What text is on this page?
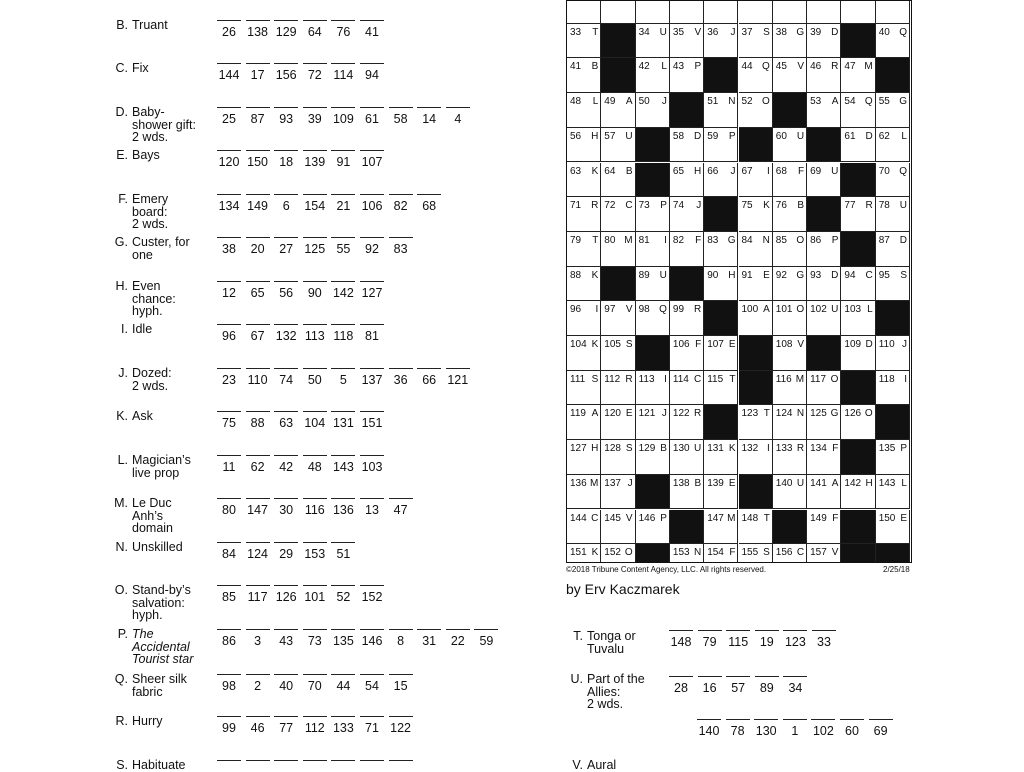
B. Truant	26 138 129 64	76	41
C. Fix	144 17 156 72 114 94
D. Baby-
shower gift:
2 wds.
25	87	93	39 109 61	58	14	4
E. Bays	120 150 18 139 91 107
F. Emery
board:
2 wds.
134 149	6	154 21 106 82	68
G. Custer, for
one	38	20	27 125 55	92	83
H. Even
chance:
hyph.
12	65	56	90 142 127
I. Idle	96	67 132 113 118 81
J. Dozed:
2 wds.	23 110 74	50	5	137 36	66 121
K. Ask	75	88	63 104 131 151
L. Magician’s
live prop	11	62	42	48 143 103
M. Le Duc
Anh’s
domain
80 147 30 116 136 13	47
N. Unskilled	84 124 29 153 51
O. Stand-by’s
salvation:
hyph.
85 117 126 101 52 152
P. The
Accidental
Tourist star
86	3	43	73 135 146	8	31	22	59
Q. Sheer silk
fabric	98	2	40	70	44	54	15
R. Hurry	99	46	77 112 133 71 122
S. Habituate
T. Tonga or
Tuvalu	148 79 115 19 123 33
U. Part of the
Allies:
2 wds.
28	16	57	89	34
140 78 130	1	102 60	69
V. Aural
33 T	34 U 35 V 36 J 37 S 38 G 39 D	40 Q
41 B	42 L 43 P	44 Q 45 V 46 R 47 M
48 L 49 A 50 J	51 N 52 O	53 A 54 Q 55 G
56 H 57 U	58 D 59 P	60 U	61 D 62 L
63 K 64 B	65 H 66 J 67 I 68 F 69 U	70 Q
71 R 72 C 73 P 74 J	75 K 76 B	77 R 78 U
79 T 80 M 81 I 82 F 83 G 84 N 85 O 86 P	87 D
88 K	89 U	90 H 91 E 92 G 93 D 94 C 95 S
96 I 97 V 98 Q 99 R	100 A 101 O 102 U 103 L
104 K 105 S	106 F 107 E	108 V	109 D 110 J
111 S 112 R 113 I 114 C 115 T	116 M 117 O	118 I
119 A 120 E 121 J 122 R	123 T 124 N 125 G 126 O
127 H 128 S 129 B 130 U 131 K 132 I 133 R 134 F	135 P
136 M 137 J	138 B 139 E	140 U 141 A 142 H 143 L
144 C 145 V 146 P	147 M 148 T	149 F	150 E
151 K 152 O	153 N 154 F 155 S 156 C 157 V
©2018 Tribune Content Agency, LLC. All rights reserved.	2/25/18
by Erv Kaczmarek
